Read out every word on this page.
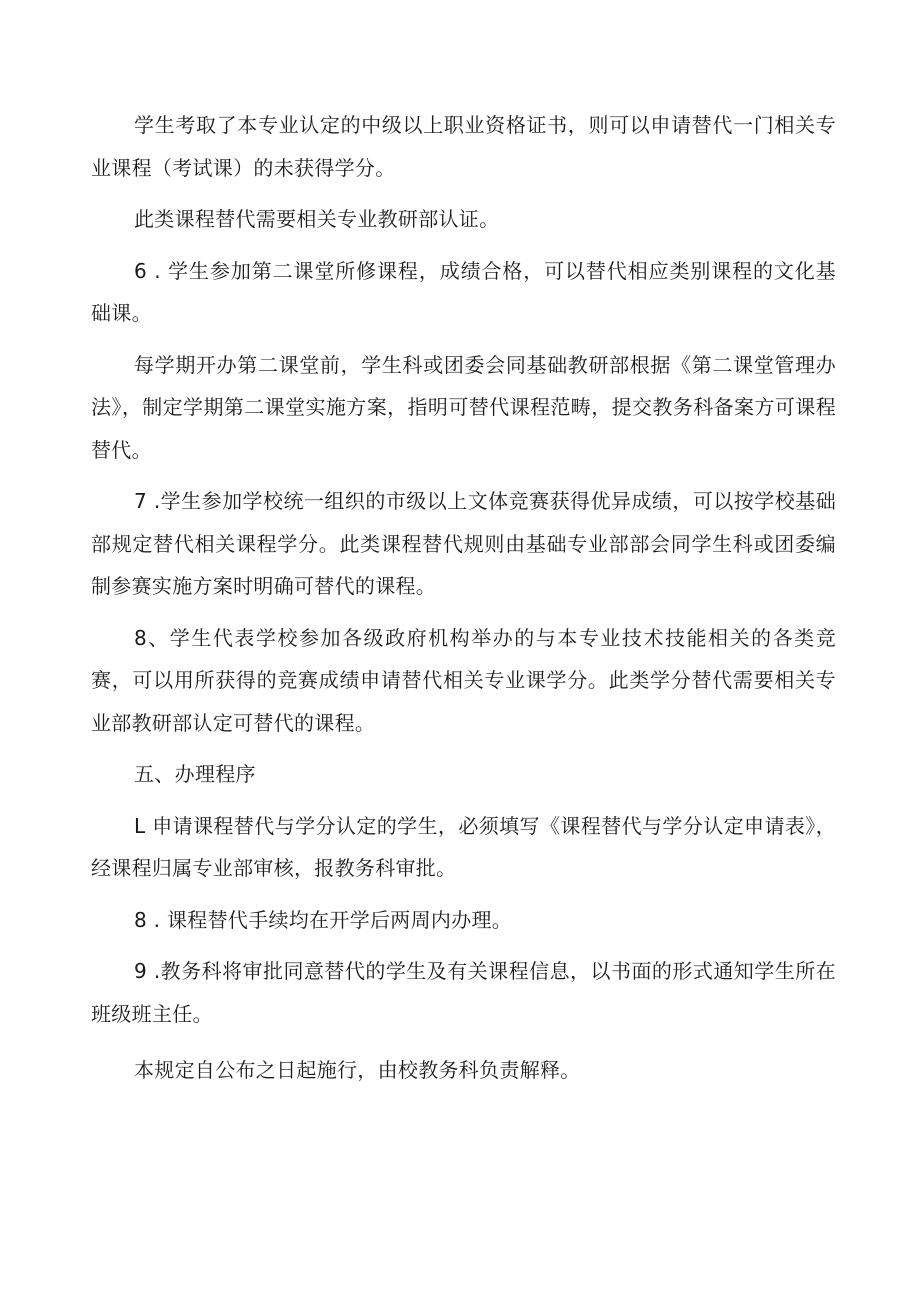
学生考取了本专业认定的中级以上职业资格证书，则可以申请替代一门相关专业课程（考试课）的未获得学分。

此类课程替代需要相关专业教研部认证。

6 . 学生参加第二课堂所修课程，成绩合格，可以替代相应类别课程的文化基础课。

每学期开办第二课堂前，学生科或团委会同基础教研部根据《第二课堂管理办法》，制定学期第二课堂实施方案，指明可替代课程范畴，提交教务科备案方可课程替代。

7 .学生参加学校统一组织的市级以上文体竞赛获得优异成绩，可以按学校基础部规定替代相关课程学分。此类课程替代规则由基础专业部部会同学生科或团委编制参赛实施方案时明确可替代的课程。

8、学生代表学校参加各级政府机构举办的与本专业技术技能相关的各类竞赛，可以用所获得的竞赛成绩申请替代相关专业课学分。此类学分替代需要相关专业部教研部认定可替代的课程。

五、办理程序

L 申请课程替代与学分认定的学生，必须填写《课程替代与学分认定申请表》，经课程归属专业部审核，报教务科审批。

8 . 课程替代手续均在开学后两周内办理。

9 .教务科将审批同意替代的学生及有关课程信息，以书面的形式通知学生所在班级班主任。

本规定自公布之日起施行，由校教务科负责解释。
